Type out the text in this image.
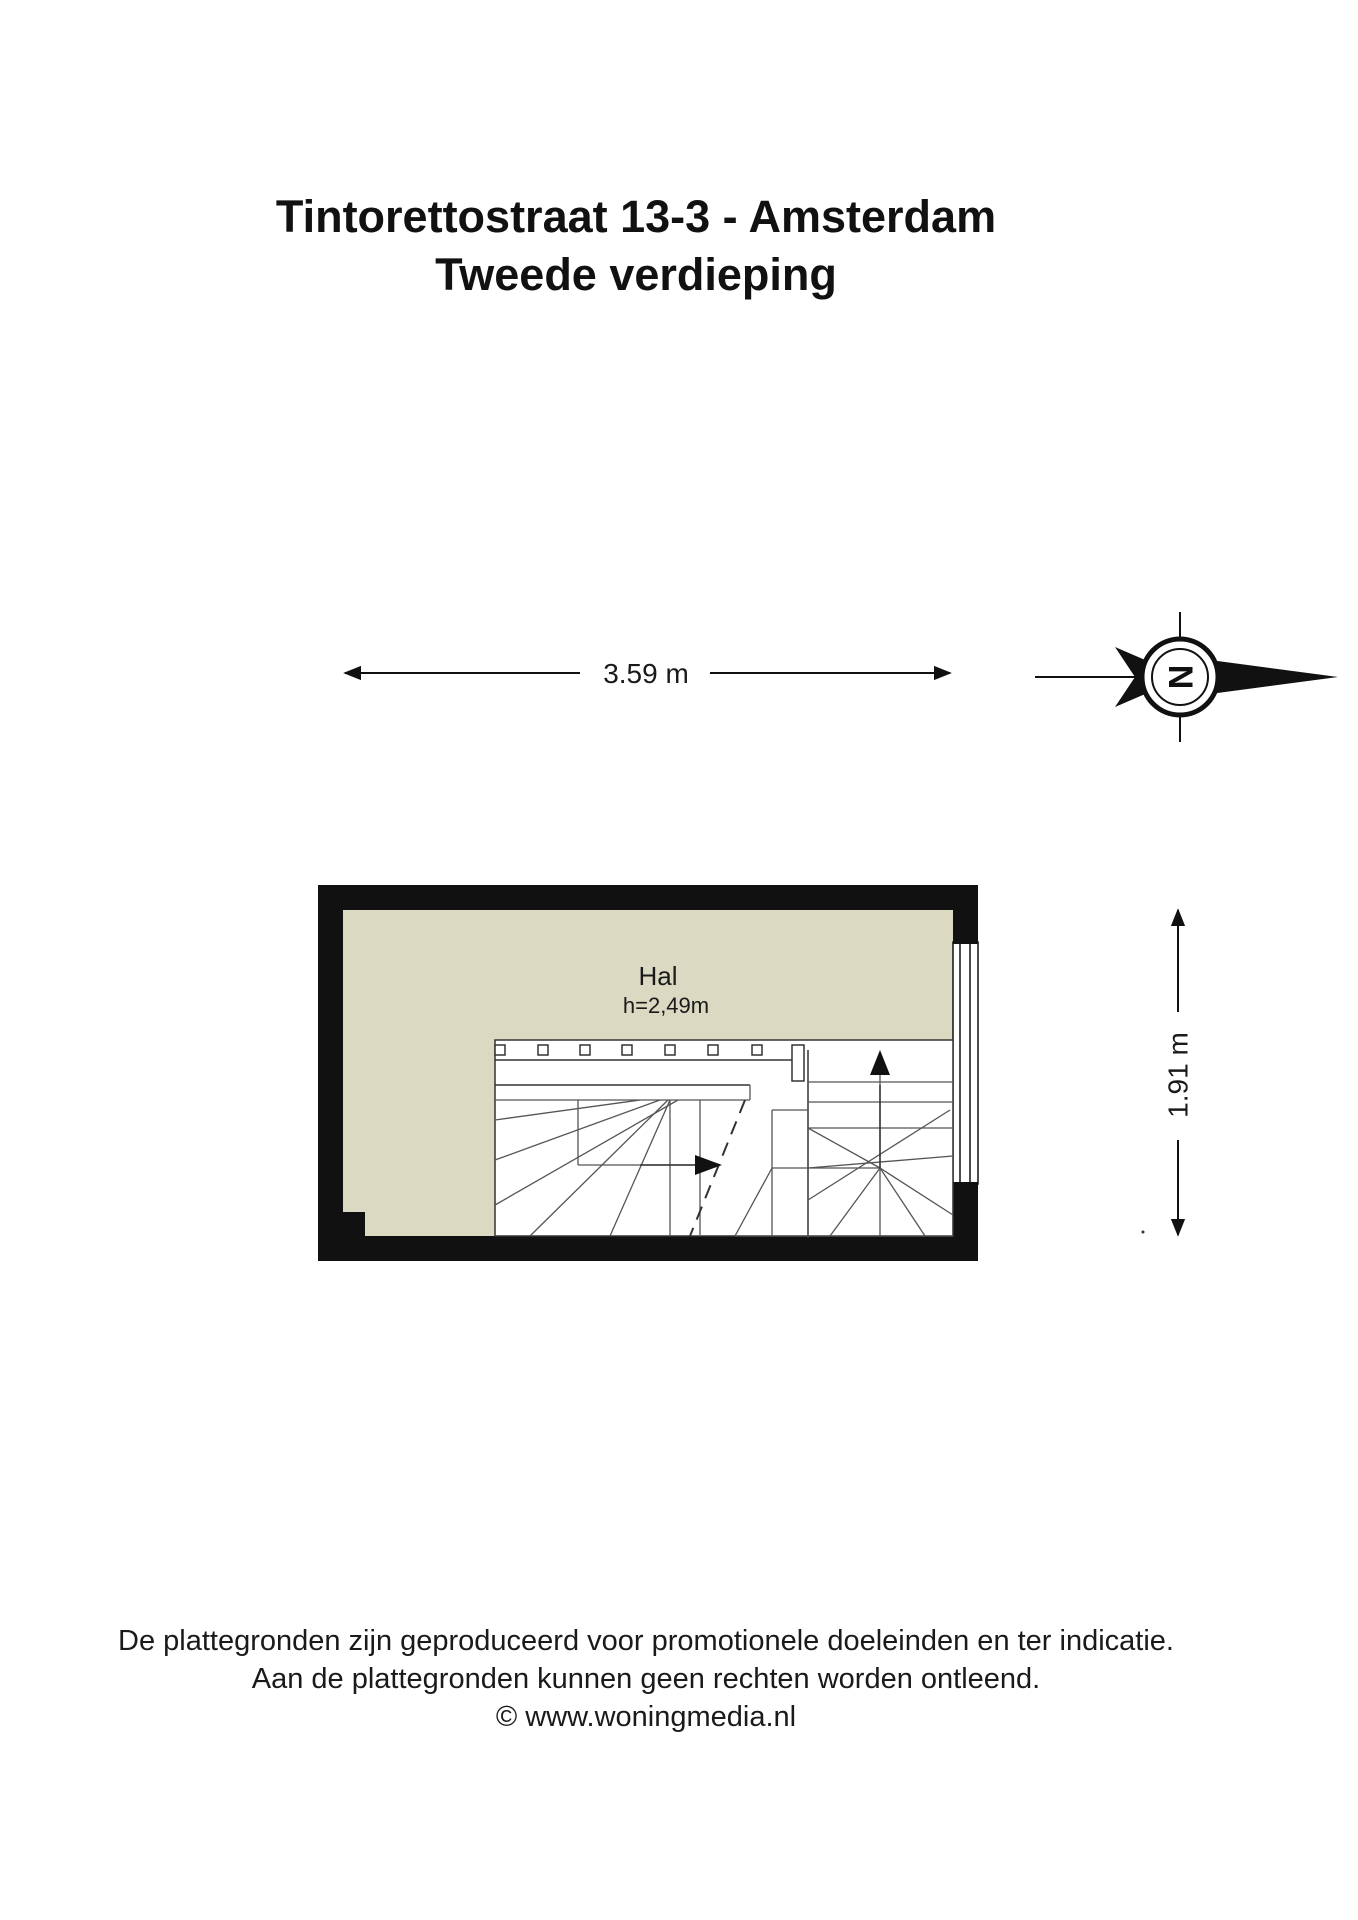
Tintorettostraat 13-3 - Amsterdam
Tweede verdieping
3.59 m	N
1.91 m
Hal
h=2,49m
De plattegronden zijn geproduceerd voor promotionele doeleinden en ter indicatie.
Aan de plattegronden kunnen geen rechten worden ontleend.
© www.woningmedia.nl
